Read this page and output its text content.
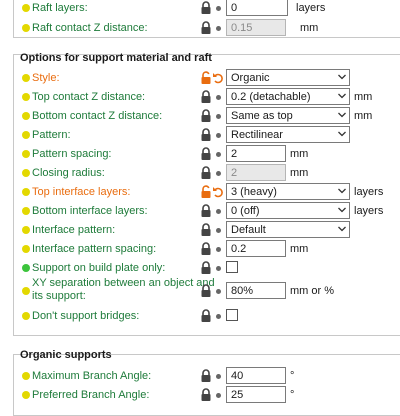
Raft layers:	0	layers
Raft contact Z distance:	0.15	mm
Options for support material and raft
Style:	Organic
Top contact Z distance:	0.2 (detachable)	mm
Bottom contact Z distance:	Same as top	mm
Pattern:	Rectilinear
Pattern spacing:	2	mm
Closing radius:	2	mm
Top interface layers:	3 (heavy)	layers
Bottom interface layers:	0 (off)	layers
Interface pattern:	Default
Interface pattern spacing:	0.2	mm
Support on build plate only:
XY separation between an object and
its support:	80%	mm or %
Don't support bridges:
Organic supports
Maximum Branch Angle:	40	°
Preferred Branch Angle:	25	°
